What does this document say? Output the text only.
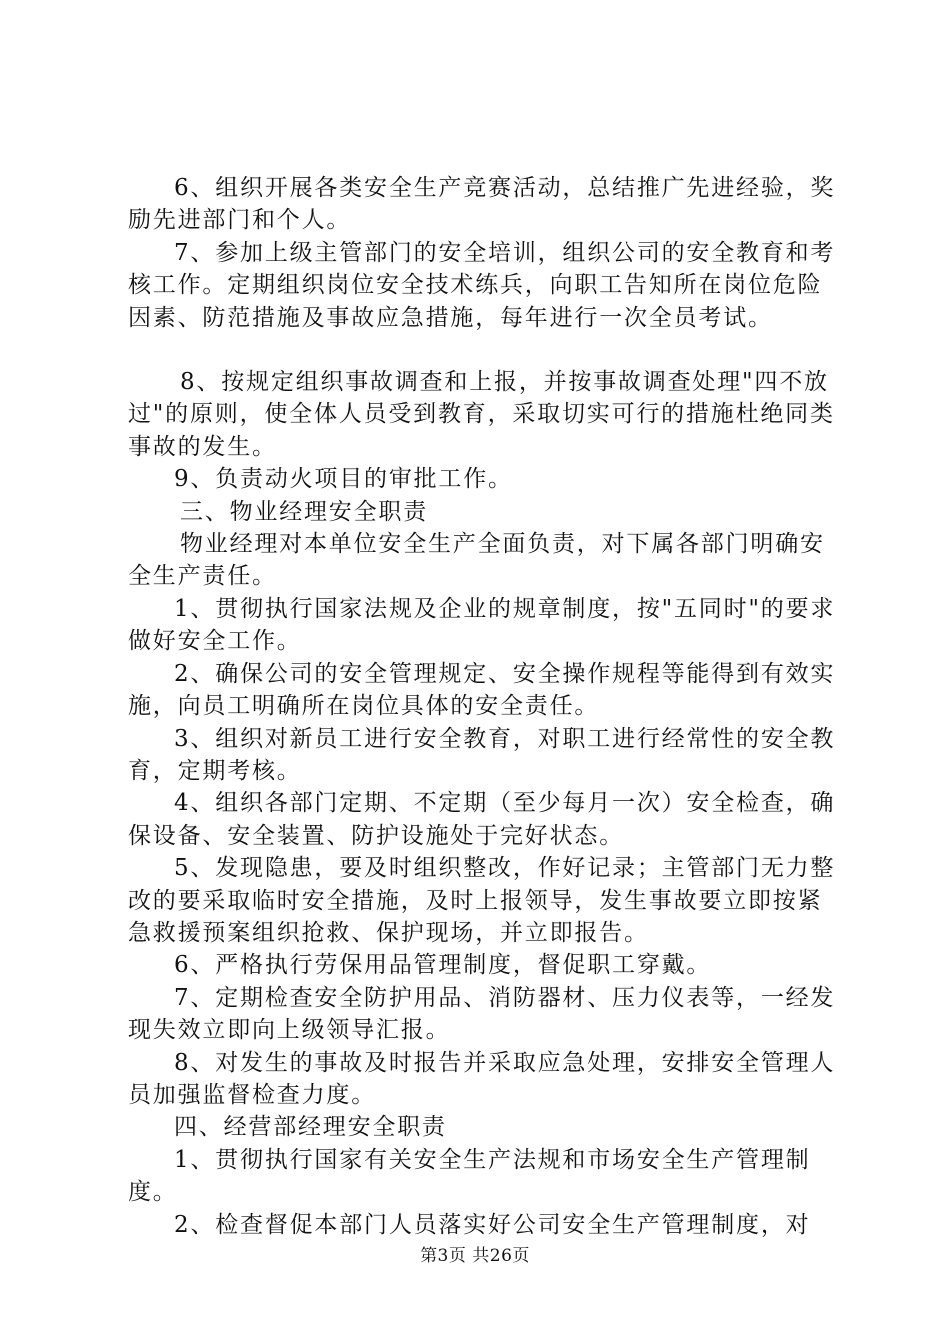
6、组织开展各类安全生产竞赛活动，总结推广先进经验，奖励先进部门和个人。

7、参加上级主管部门的安全培训，组织公司的安全教育和考核工作。定期组织岗位安全技术练兵，向职工告知所在岗位危险因素、防范措施及事故应急措施，每年进行一次全员考试。

8、按规定组织事故调查和上报，并按事故调查处理"四不放过"的原则，使全体人员受到教育，采取切实可行的措施杜绝同类事故的发生。

9、负责动火项目的审批工作。

三、物业经理安全职责

物业经理对本单位安全生产全面负责，对下属各部门明确安全生产责任。

1、贯彻执行国家法规及企业的规章制度，按"五同时"的要求做好安全工作。

2、确保公司的安全管理规定、安全操作规程等能得到有效实施，向员工明确所在岗位具体的安全责任。

3、组织对新员工进行安全教育，对职工进行经常性的安全教育，定期考核。

4、组织各部门定期、不定期（至少每月一次）安全检查，确保设备、安全装置、防护设施处于完好状态。

5、发现隐患，要及时组织整改，作好记录；主管部门无力整改的要采取临时安全措施，及时上报领导，发生事故要立即按紧急救援预案组织抢救、保护现场，并立即报告。

6、严格执行劳保用品管理制度，督促职工穿戴。

7、定期检查安全防护用品、消防器材、压力仪表等，一经发现失效立即向上级领导汇报。

8、对发生的事故及时报告并采取应急处理，安排安全管理人员加强监督检查力度。

四、经营部经理安全职责

1、贯彻执行国家有关安全生产法规和市场安全生产管理制度。

2、检查督促本部门人员落实好公司安全生产管理制度，对

第3页 共26页
